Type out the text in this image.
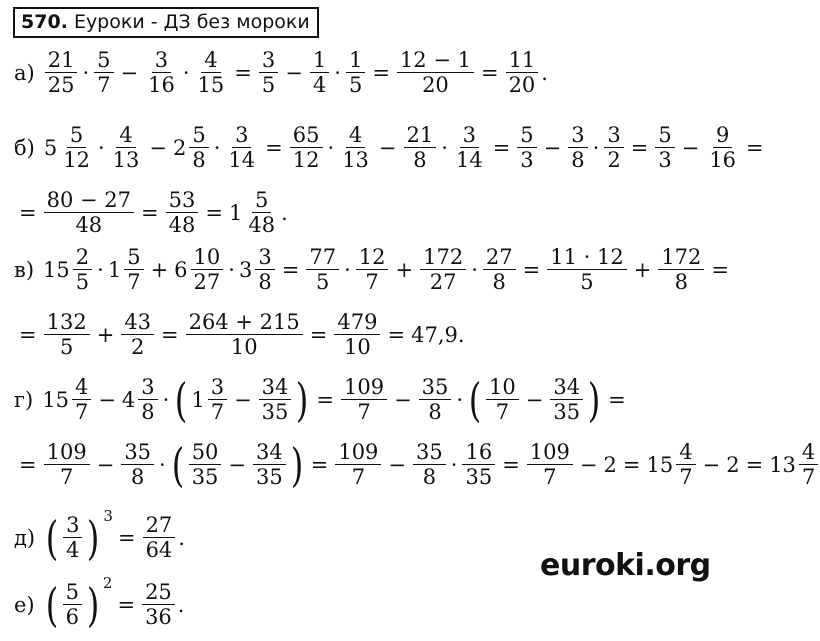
570. Еуроки - ДЗ без мороки
$а) \frac{21}{25} \cdot \frac{5}{7} - \frac{3}{16} \cdot \frac{4}{15} = \frac{3}{5} - \frac{1}{4} \cdot \frac{1}{5} = \frac{12 - 1}{20} = \frac{11}{20}$ .
б) $5 \frac{5}{12} \cdot \frac{4}{13} - 2 \frac{5}{8} \cdot \frac{3}{14} = \frac{65}{12} \cdot \frac{4}{13} - \frac{21}{8} \cdot \frac{3}{14} = \frac{5}{3} - \frac{3}{8} \cdot \frac{3}{2} = \frac{5}{3} - \frac{9}{16}$ =
= $\frac{80 - 27}{48} = \frac{53}{48} = 1 \frac{5}{48}$ .
в) $15 \frac{2}{5} \cdot 1 \frac{5}{7} + 6 \frac{10}{27} \cdot 3 \frac{3}{8} = \frac{77}{5} \cdot \frac{12}{7} + \frac{172}{27} \cdot \frac{27}{8} = \frac{11 \cdot 12}{5} + \frac{172}{8}$ =
= $\frac{132}{5} + \frac{43}{2} = \frac{264 + 215}{10} = \frac{479}{10} = 47,9$.
г) $15 \frac{4}{7} - 4 \frac{3}{8}$ · ( $1 \frac{3}{7} - \frac{34}{35}$ ) = $\frac{109}{7} - \frac{35}{8}$ · ( $\frac{10}{7} - \frac{34}{35}$ ) =
= $\frac{109}{7} - \frac{35}{8}$ · ( $\frac{50}{35} - \frac{34}{35}$ ) = $\frac{109}{7} - \frac{35}{8} \cdot \frac{16}{35} = \frac{109}{7} - 2 = 15 \frac{4}{7} - 2 = 13 \frac{4}{7}$
д) ( $\frac{3}{4}$ ) 3
= $\frac{27}{64}$ .
е) ( $\frac{5}{6}$ ) 2
= $\frac{25}{36}$ .
euroki.org
